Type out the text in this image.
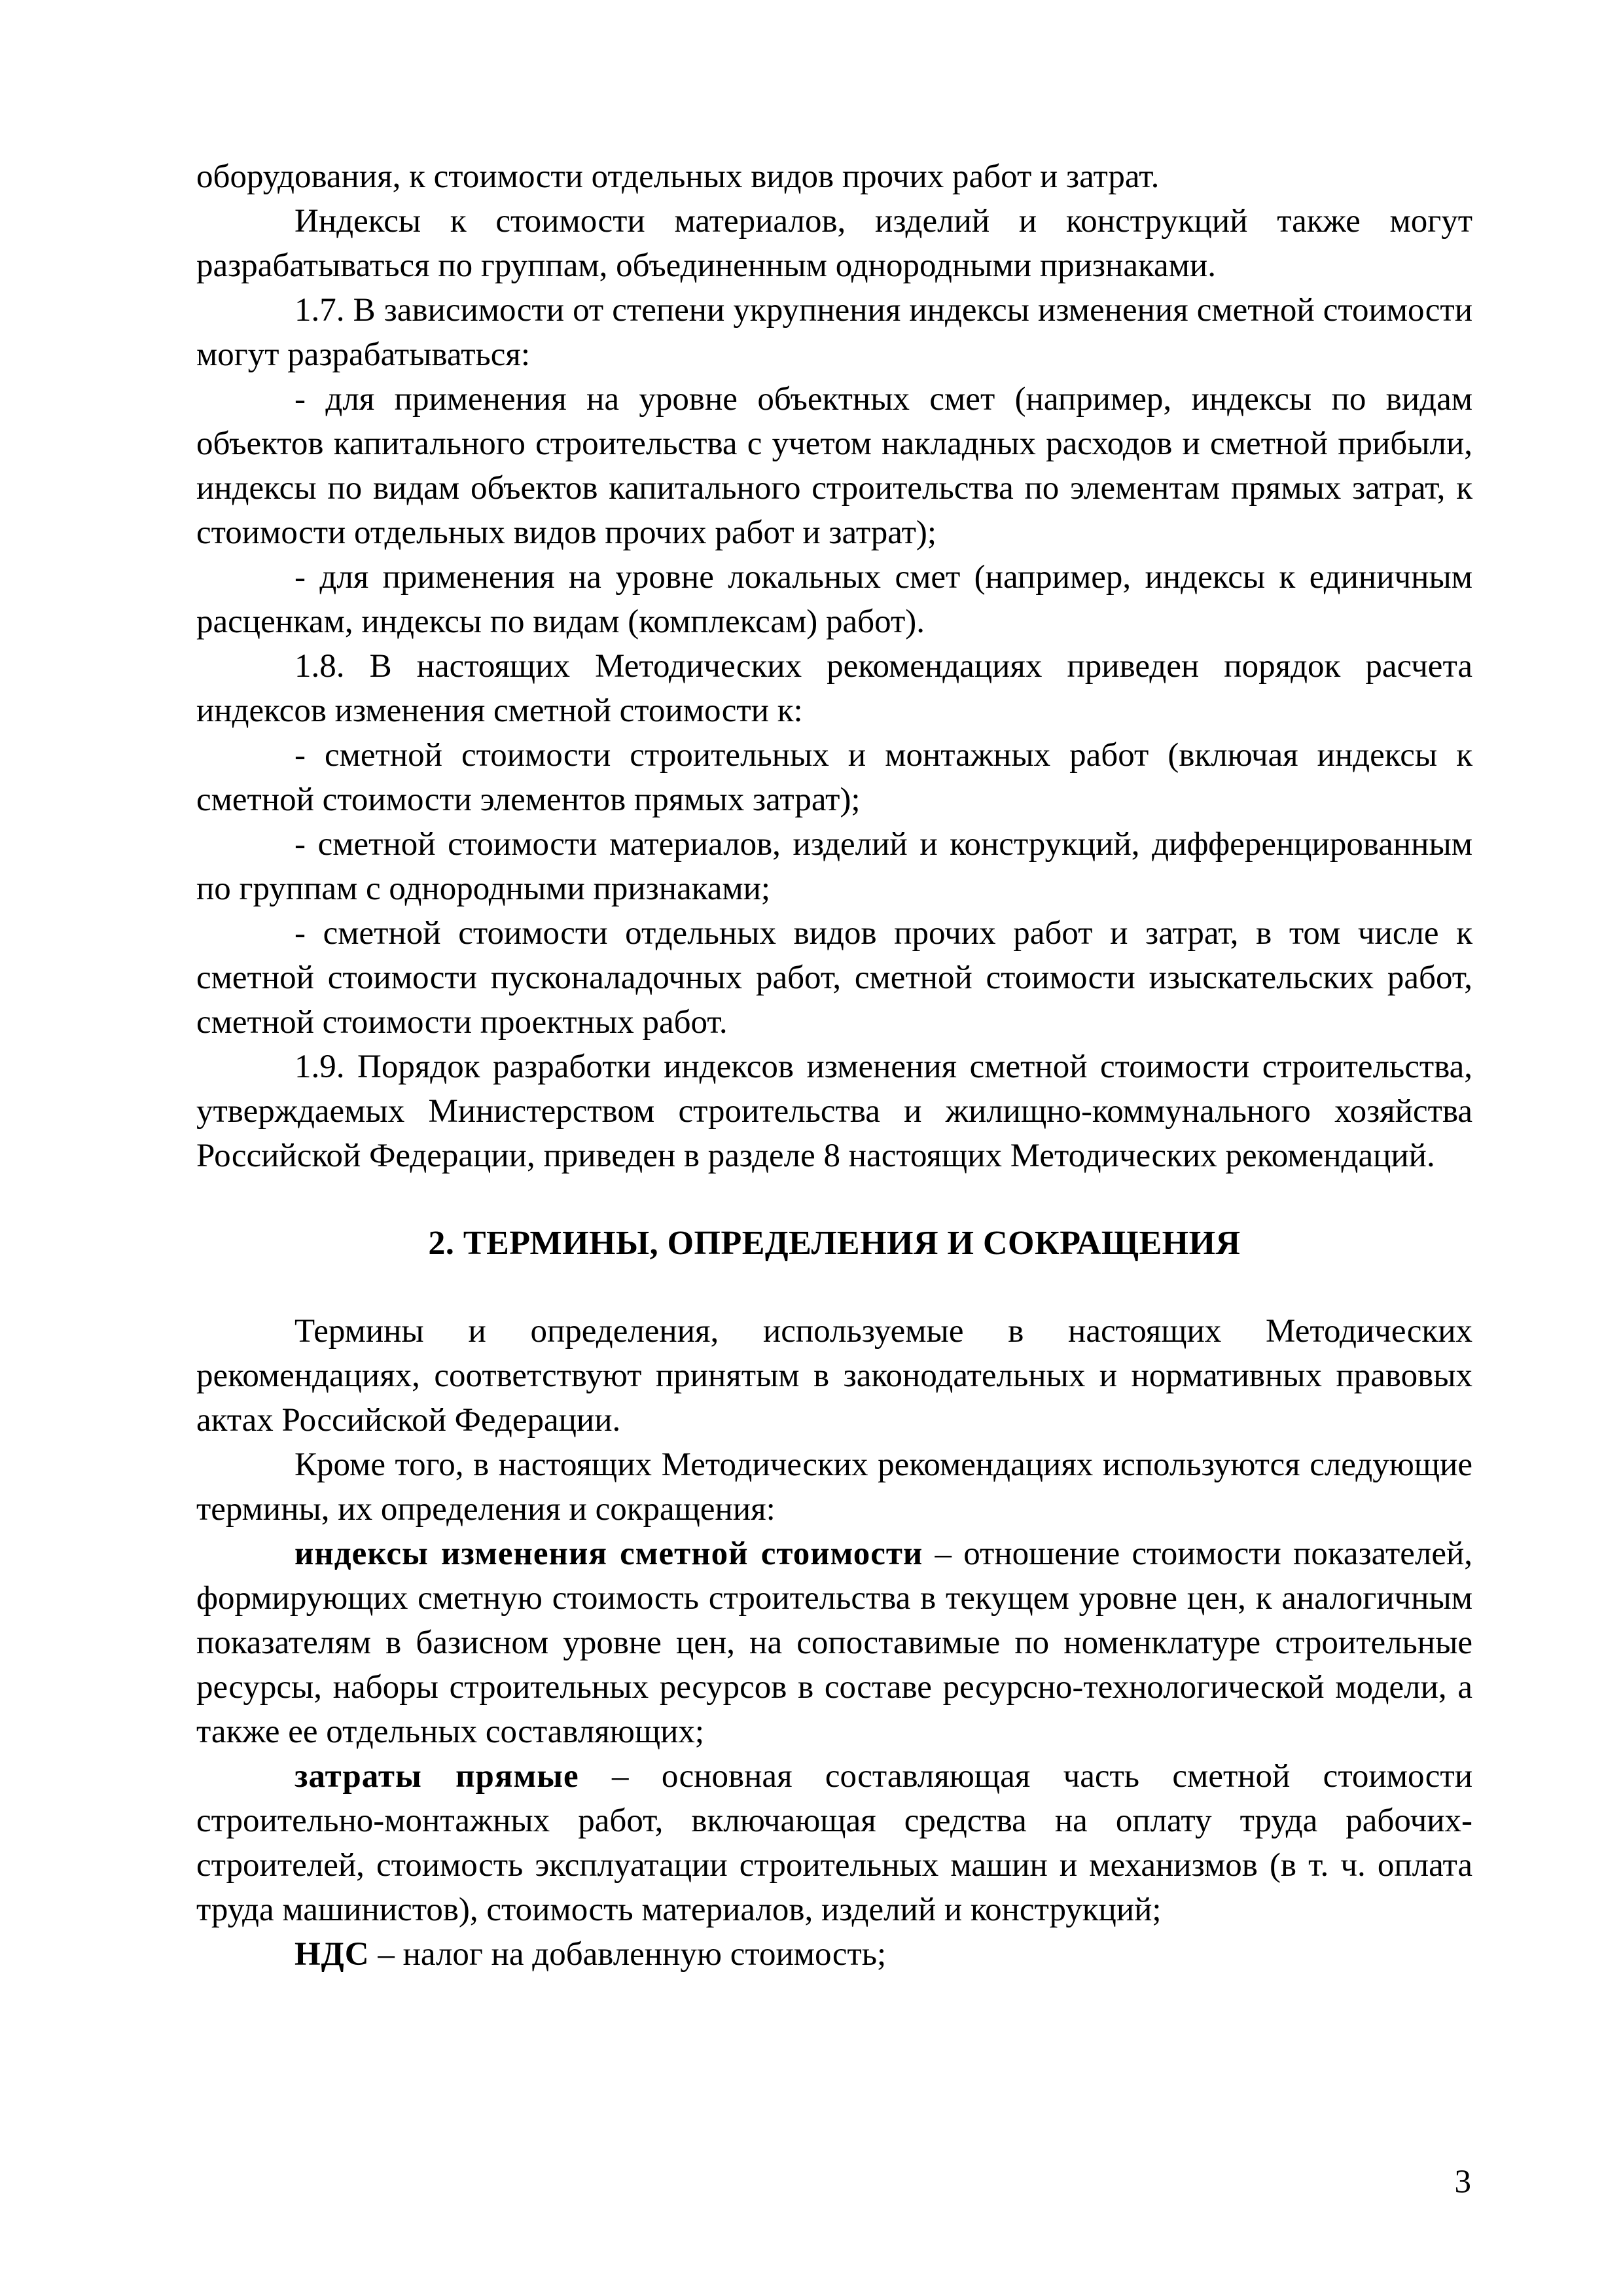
оборудования, к стоимости отдельных видов прочих работ и затрат.

Индексы к стоимости материалов, изделий и конструкций также могут разрабатываться по группам, объединенным однородными признаками.

1.7. В зависимости от степени укрупнения индексы изменения сметной стоимости могут разрабатываться:

- для применения на уровне объектных смет (например, индексы по видам объектов капитального строительства с учетом накладных расходов и сметной прибыли, индексы по видам объектов капитального строительства по элементам прямых затрат, к стоимости отдельных видов прочих работ и затрат);

- для применения на уровне локальных смет (например, индексы к единичным расценкам, индексы по видам (комплексам) работ).

1.8. В настоящих Методических рекомендациях приведен порядок расчета индексов изменения сметной стоимости к:

- сметной стоимости строительных и монтажных работ (включая индексы к сметной стоимости элементов прямых затрат);

- сметной стоимости материалов, изделий и конструкций, дифференцированным по группам с однородными признаками;

- сметной стоимости отдельных видов прочих работ и затрат, в том числе к сметной стоимости пусконаладочных работ, сметной стоимости изыскательских работ, сметной стоимости проектных работ.

1.9. Порядок разработки индексов изменения сметной стоимости строительства, утверждаемых Министерством строительства и жилищно-коммунального хозяйства Российской Федерации, приведен в разделе 8 настоящих Методических рекомендаций.

2. ТЕРМИНЫ, ОПРЕДЕЛЕНИЯ И СОКРАЩЕНИЯ

Термины и определения, используемые в настоящих Методических рекомендациях, соответствуют принятым в законодательных и нормативных правовых актах Российской Федерации.

Кроме того, в настоящих Методических рекомендациях используются следующие термины, их определения и сокращения:

индексы изменения сметной стоимости – отношение стоимости показателей, формирующих сметную стоимость строительства в текущем уровне цен, к аналогичным показателям в базисном уровне цен, на сопоставимые по номенклатуре строительные ресурсы, наборы строительных ресурсов в составе ресурсно-технологической модели, а также ее отдельных составляющих;

затраты прямые – основная составляющая часть сметной стоимости строительно-монтажных работ, включающая средства на оплату труда рабочих-строителей, стоимость эксплуатации строительных машин и механизмов (в т. ч. оплата труда машинистов), стоимость материалов, изделий и конструкций;

НДС – налог на добавленную стоимость;

3
